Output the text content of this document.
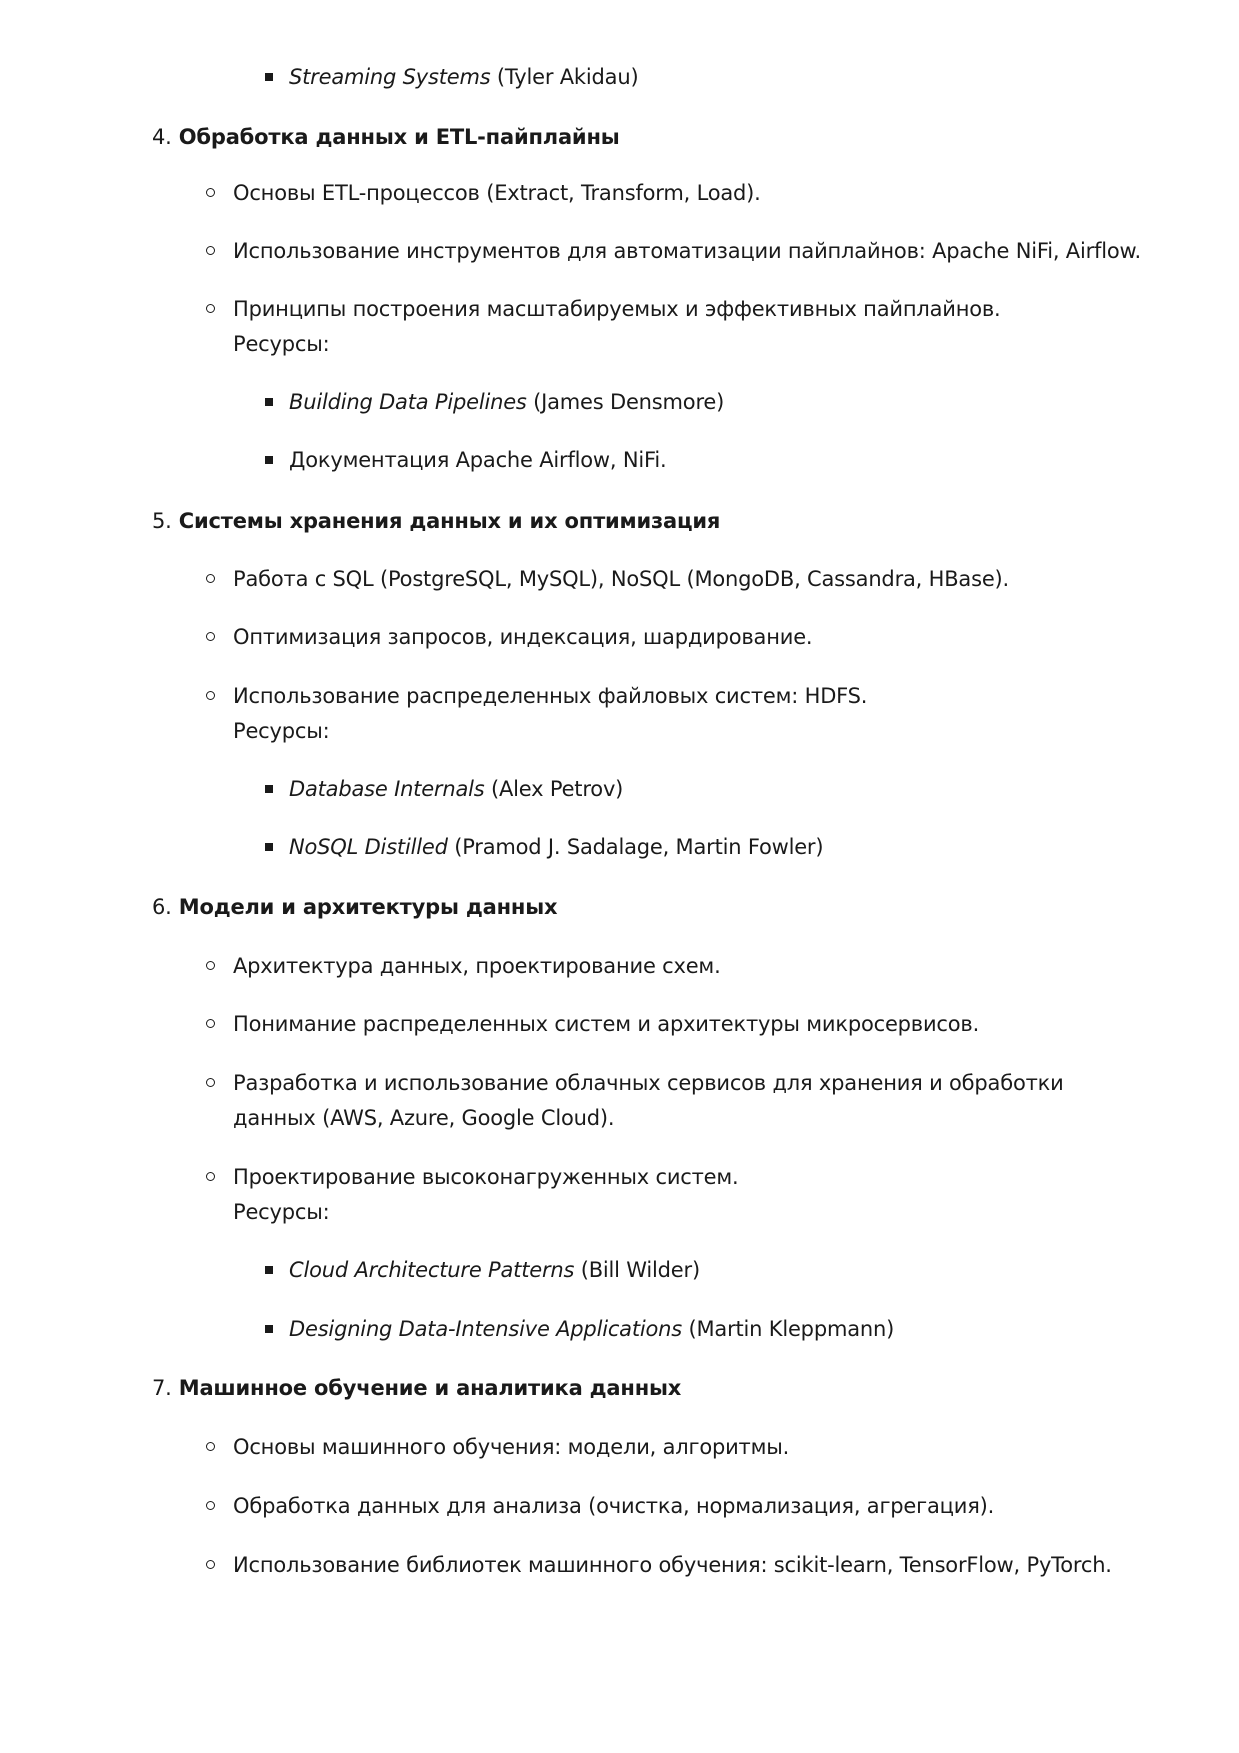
Streaming Systems (Tyler Akidau)
4. Обработка данных и ETL-пайплайны
Основы ETL-процессов (Extract, Transform, Load).
Использование инструментов для автоматизации пайплайнов: Apache NiFi, Airflow.
Принципы построения масштабируемых и эффективных пайплайнов.
Ресурсы:
Building Data Pipelines (James Densmore)
Документация Apache Airflow, NiFi.
5. Системы хранения данных и их оптимизация
Работа с SQL (PostgreSQL, MySQL), NoSQL (MongoDB, Cassandra, HBase).
Оптимизация запросов, индексация, шардирование.
Использование распределенных файловых систем: HDFS.
Ресурсы:
Database Internals (Alex Petrov)
NoSQL Distilled (Pramod J. Sadalage, Martin Fowler)
6. Модели и архитектуры данных
Архитектура данных, проектирование схем.
Понимание распределенных систем и архитектуры микросервисов.
Разработка и использование облачных сервисов для хранения и обработки
данных (AWS, Azure, Google Cloud).
Проектирование высоконагруженных систем.
Ресурсы:
Cloud Architecture Patterns (Bill Wilder)
Designing Data-Intensive Applications (Martin Kleppmann)
7. Машинное обучение и аналитика данных
Основы машинного обучения: модели, алгоритмы.
Обработка данных для анализа (очистка, нормализация, агрегация).
Использование библиотек машинного обучения: scikit-learn, TensorFlow, PyTorch.
